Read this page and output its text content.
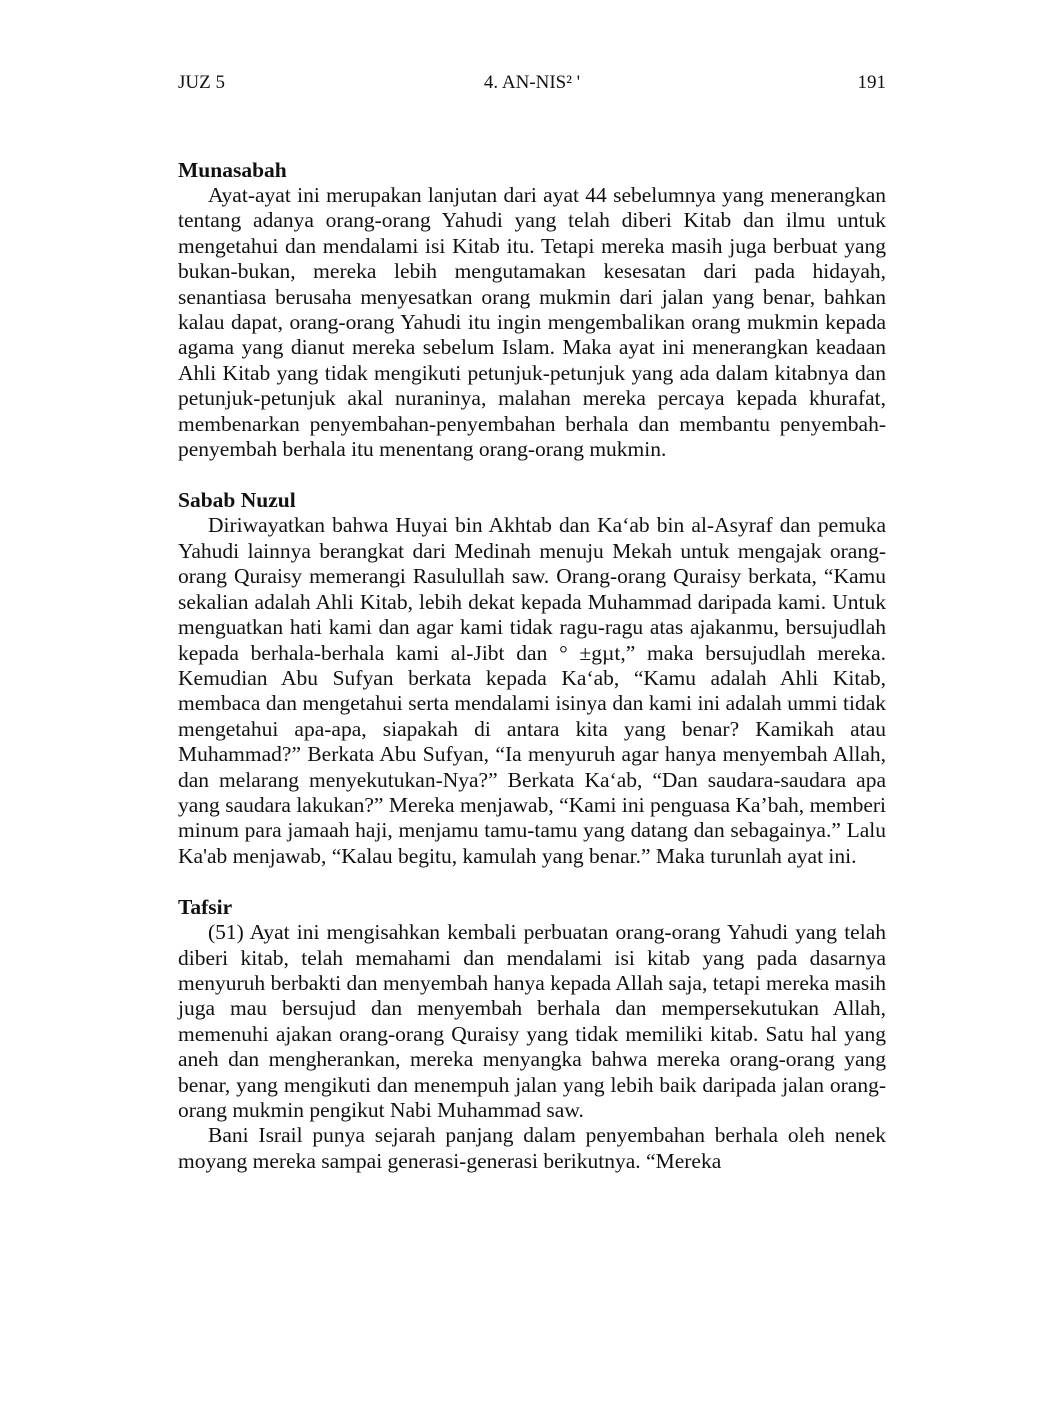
JUZ 5	4. AN-NIS² '	191
Munasabah

Ayat-ayat ini merupakan lanjutan dari ayat 44 sebelumnya yang menerangkan tentang adanya orang-orang Yahudi yang telah diberi Kitab dan ilmu untuk mengetahui dan mendalami isi Kitab itu. Tetapi mereka masih juga berbuat yang bukan-bukan, mereka lebih mengutamakan kesesatan dari pada hidayah, senantiasa berusaha menyesatkan orang mukmin dari jalan yang benar, bahkan kalau dapat, orang-orang Yahudi itu ingin mengembalikan orang mukmin kepada agama yang dianut mereka sebelum Islam. Maka ayat ini menerangkan keadaan Ahli Kitab yang tidak mengikuti petunjuk-petunjuk yang ada dalam kitabnya dan petunjuk-petunjuk akal nuraninya, malahan mereka percaya kepada khurafat, membenarkan penyembahan-penyembahan berhala dan membantu penyembah-penyembah berhala itu menentang orang-orang mukmin.

Sabab Nuzul

Diriwayatkan bahwa Huyai bin Akhtab dan Ka‘ab bin al-Asyraf dan pemuka Yahudi lainnya berangkat dari Medinah menuju Mekah untuk mengajak orang-orang Quraisy memerangi Rasulullah saw. Orang-orang Quraisy berkata, “Kamu sekalian adalah Ahli Kitab, lebih dekat kepada Muhammad daripada kami. Untuk menguatkan hati kami dan agar kami tidak ragu-ragu atas ajakanmu, bersujudlah kepada berhala-berhala kami al-Jibt dan ° ±gµt,” maka bersujudlah mereka. Kemudian Abu Sufyan berkata kepada Ka‘ab, “Kamu adalah Ahli Kitab, membaca dan mengetahui serta mendalami isinya dan kami ini adalah ummi tidak mengetahui apa-apa, siapakah di antara kita yang benar? Kamikah atau Muhammad?” Berkata Abu Sufyan, “Ia menyuruh agar hanya menyembah Allah, dan melarang menyekutukan-Nya?” Berkata Ka‘ab, “Dan saudara-saudara apa yang saudara lakukan?” Mereka menjawab, “Kami ini penguasa Ka’bah, memberi minum para jamaah haji, menjamu tamu-tamu yang datang dan sebagainya.” Lalu Ka'ab menjawab, “Kalau begitu, kamulah yang benar.” Maka turunlah ayat ini.

Tafsir

(51) Ayat ini mengisahkan kembali perbuatan orang-orang Yahudi yang telah diberi kitab, telah memahami dan mendalami isi kitab yang pada dasarnya menyuruh berbakti dan menyembah hanya kepada Allah saja, tetapi mereka masih juga mau bersujud dan menyembah berhala dan mempersekutukan Allah, memenuhi ajakan orang-orang Quraisy yang tidak memiliki kitab. Satu hal yang aneh dan mengherankan, mereka menyangka bahwa mereka orang-orang yang benar, yang mengikuti dan menempuh jalan yang lebih baik daripada jalan orang-orang mukmin pengikut Nabi Muhammad saw.

Bani Israil punya sejarah panjang dalam penyembahan berhala oleh nenek moyang mereka sampai generasi-generasi berikutnya. “Mereka
